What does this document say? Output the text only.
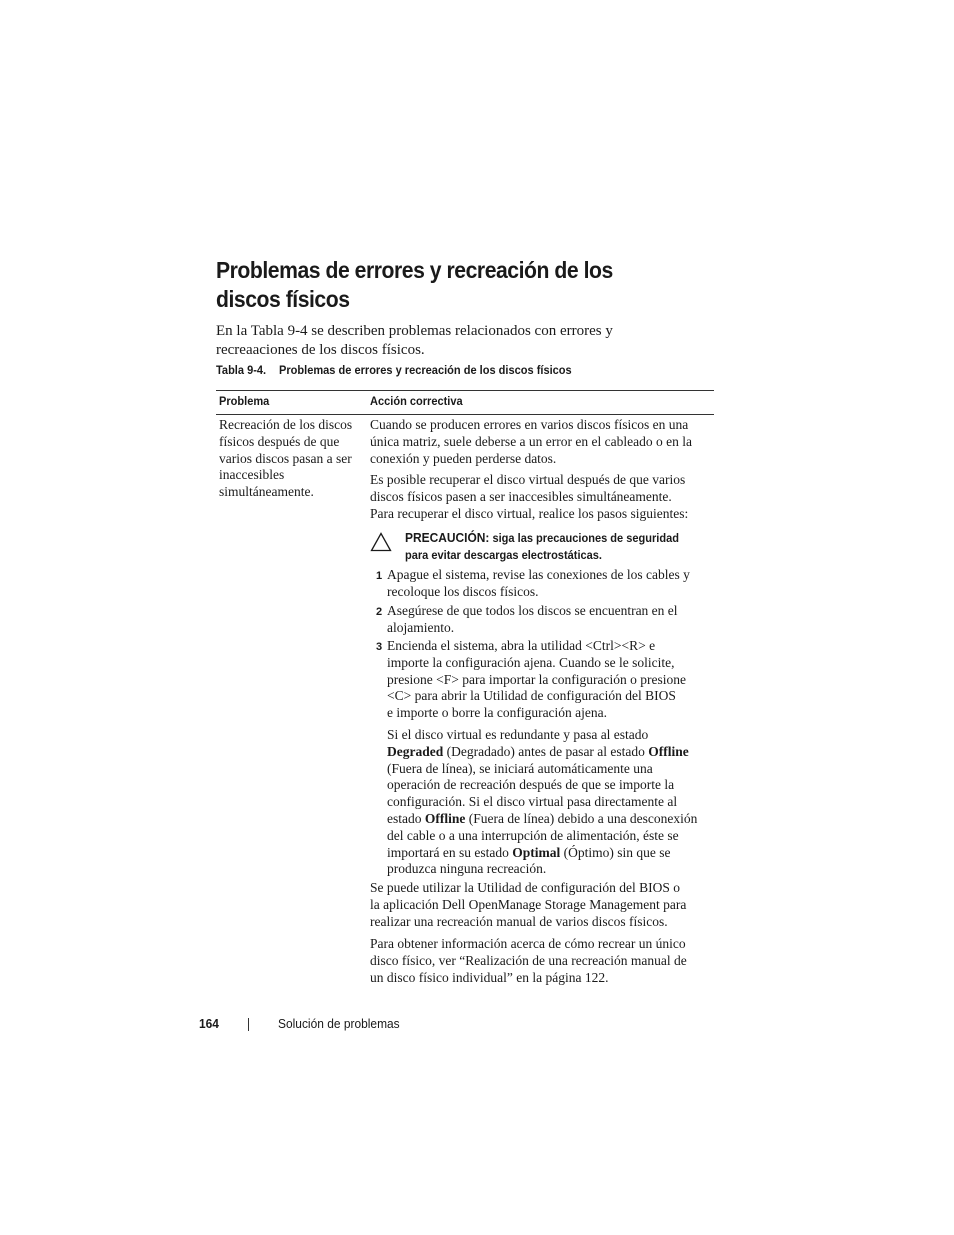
Problemas de errores y recreación de los
discos físicos

En la Tabla 9-4 se describen problemas relacionados con errores y
recreaaciones de los discos físicos.

Tabla 9-4. Problemas de errores y recreación de los discos físicos
Problema	Acción correctiva
Recreación de los discos
físicos después de que
varios discos pasan a ser
inaccesibles
simultáneamente.
Cuando se producen errores en varios discos físicos en una
única matriz, suele deberse a un error en el cableado o en la
conexión y pueden perderse datos.
Es posible recuperar el disco virtual después de que varios
discos físicos pasen a ser inaccesibles simultáneamente.
Para recuperar el disco virtual, realice los pasos siguientes:
PRECAUCIÓN: siga las precauciones de seguridad
para evitar descargas electrostáticas.
1 Apague el sistema, revise las conexiones de los cables y
recoloque los discos físicos.
2 Asegúrese de que todos los discos se encuentran en el
alojamiento.
3 Encienda el sistema, abra la utilidad <Ctrl><R> e
importe la configuración ajena. Cuando se le solicite,
presione <F> para importar la configuración o presione
<C> para abrir la Utilidad de configuración del BIOS
e importe o borre la configuración ajena.
Si el disco virtual es redundante y pasa al estado
Degraded (Degradado) antes de pasar al estado Offline
(Fuera de línea), se iniciará automáticamente una
operación de recreación después de que se importe la
configuración. Si el disco virtual pasa directamente al
estado Offline (Fuera de línea) debido a una desconexión
del cable o a una interrupción de alimentación, éste se
importará en su estado Optimal (Óptimo) sin que se
produzca ninguna recreación.
Se puede utilizar la Utilidad de configuración del BIOS o
la aplicación Dell OpenManage Storage Management para
realizar una recreación manual de varios discos físicos.
Para obtener información acerca de cómo recrear un único
disco físico, ver “Realización de una recreación manual de
un disco físico individual” en la página 122.
164	Solución de problemas
